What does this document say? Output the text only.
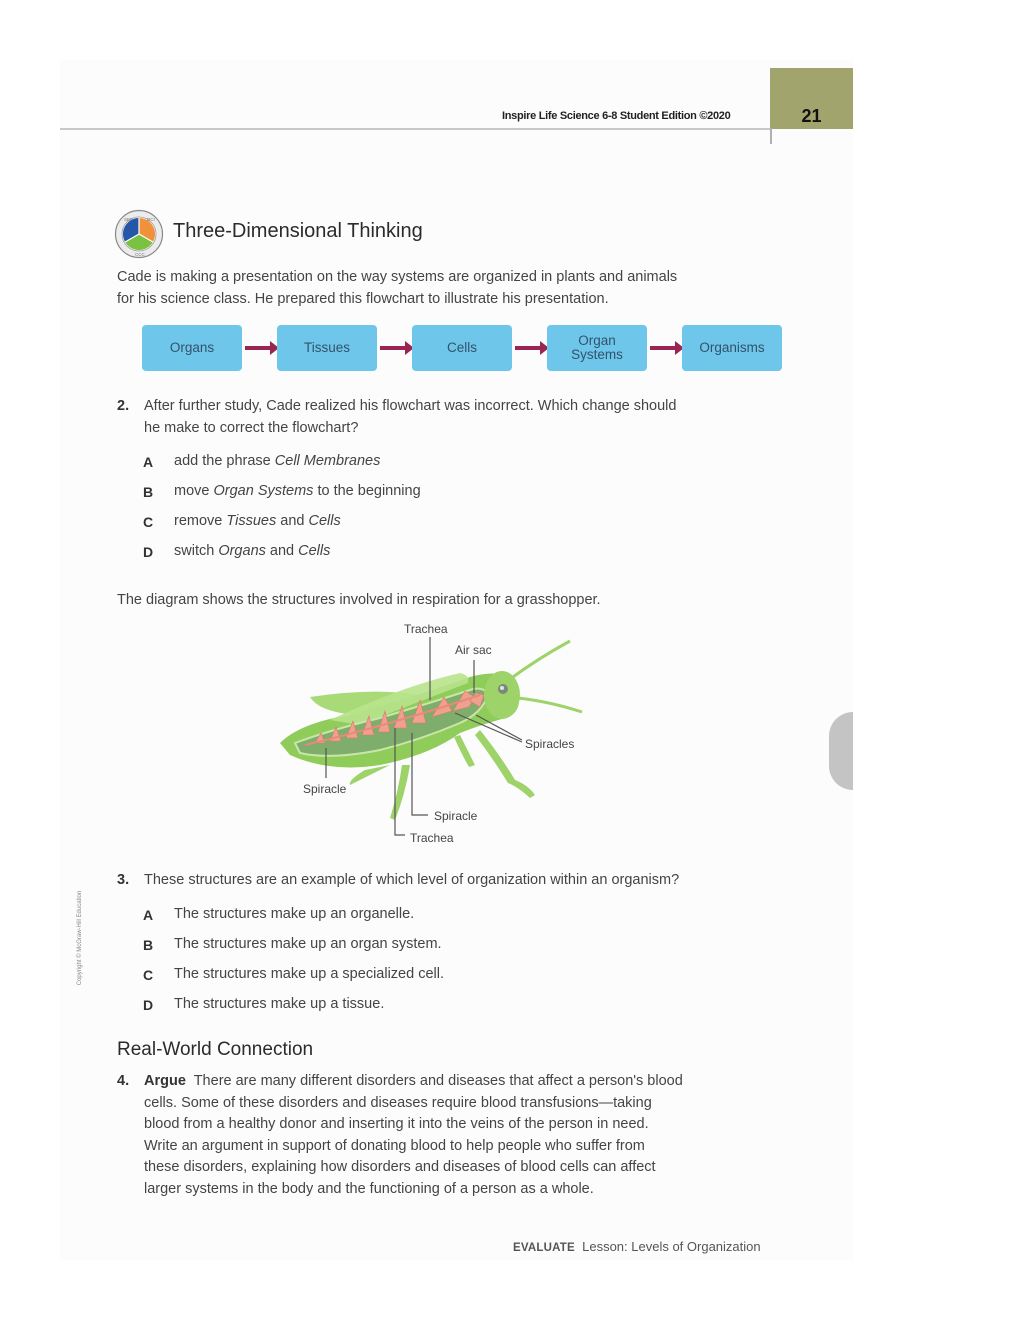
Inspire Life Science 6-8 Student Edition ©2020	21
SEP	DCI
CCC
Three-Dimensional Thinking
Cade is making a presentation on the way systems are organized in plants and animals
for his science class. He prepared this flowchart to illustrate his presentation.
Organs	Tissues	Cells	Organ Systems	Organisms
2. After further study, Cade realized his flowchart was incorrect. Which change should
he make to correct the flowchart?
A add the phrase Cell Membranes
B move Organ Systems to the beginning
C remove Tissues and Cells
D switch Organs and Cells
The diagram shows the structures involved in respiration for a grasshopper.
Trachea
Air sac
Spiracles
Spiracle
Spiracle
Trachea
3. These structures are an example of which level of organization within an organism?
A The structures make up an organelle.
B The structures make up an organ system.
C The structures make up a specialized cell.
D The structures make up a tissue.
Real-World Connection
4. Argue There are many different disorders and diseases that affect a person's blood
cells. Some of these disorders and diseases require blood transfusions—taking
blood from a healthy donor and inserting it into the veins of the person in need.
Write an argument in support of donating blood to help people who suffer from
these disorders, explaining how disorders and diseases of blood cells can affect
larger systems in the body and the functioning of a person as a whole.
EVALUATE Lesson: Levels of Organization
Copyright © McGraw-Hill Education
